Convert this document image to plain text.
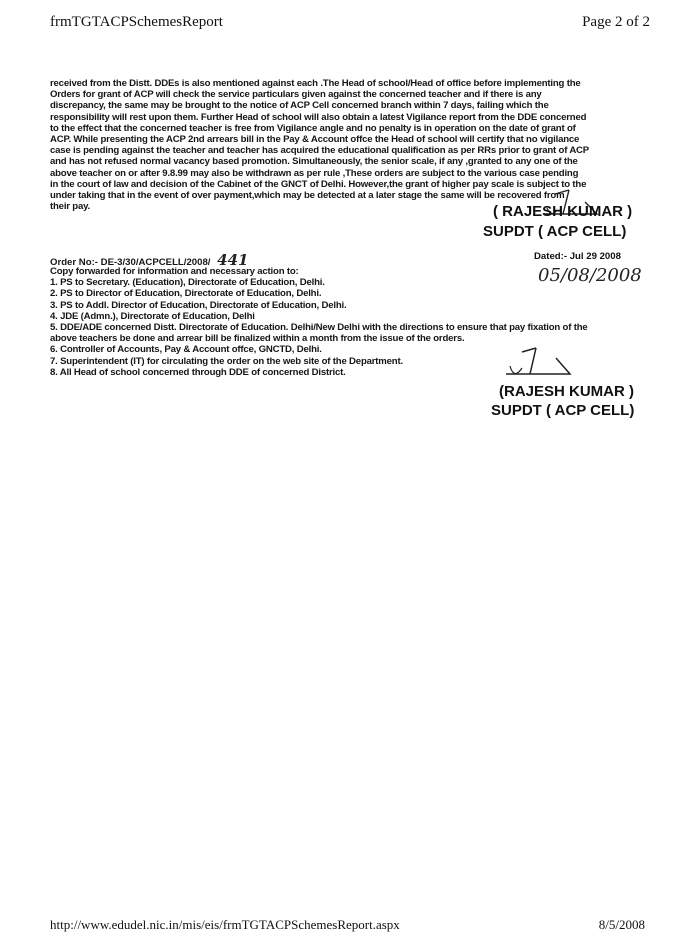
frmTGTACPSchemesReport	Page 2 of 2
received from the Distt. DDEs is also mentioned against each .The Head of school/Head of office before implementing the
Orders for grant of ACP will check the service particulars given against the concerned teacher and if there is any
discrepancy, the same may be brought to the notice of ACP Cell concerned branch within 7 days, failing which the
responsibility will rest upon them. Further Head of school will also obtain a latest Vigilance report from the DDE concerned
to the effect that the concerned teacher is free from Vigilance angle and no penalty is in operation on the date of grant of
ACP. While presenting the ACP 2nd arrears bill in the Pay & Account offce the Head of school will certify that no vigilance
case is pending against the teacher and teacher has acquired the educational qualification as per RRs prior to grant of ACP
and has not refused normal vacancy based promotion. Simultaneously, the senior scale, if any ,granted to any one of the
above teacher on or after 9.8.99 may also be withdrawn as per rule ,These orders are subject to the various case pending
in the court of law and decision of the Cabinet of the GNCT of Delhi. However,the grant of higher pay scale is subject to the
under taking that in the event of over payment,which may be detected at a later stage the same will be recovered from
their pay.	( RAJESH KUMAR )
SUPDT ( ACP CELL)
Order No:- DE-3/30/ACPCELL/2008/ 441	Dated:- Jul 29 2008
05/08/2008
Copy forwarded for information and necessary action to:
1. PS to Secretary. (Education), Directorate of Education, Delhi.
2. PS to Director of Education, Directorate of Education, Delhi.
3. PS to Addl. Director of Education, Directorate of Education, Delhi.
4. JDE (Admn.), Directorate of Education, Delhi
5. DDE/ADE concerned Distt. Directorate of Education. Delhi/New Delhi with the directions to ensure that pay fixation of the
above teachers be done and arrear bill be finalized within a month from the issue of the orders.
6. Controller of Accounts, Pay & Account offce, GNCTD, Delhi.
7. Superintendent (IT) for circulating the order on the web site of the Department.
8. All Head of school concerned through DDE of concerned District.
(RAJESH KUMAR )
SUPDT ( ACP CELL)
http://www.edudel.nic.in/mis/eis/frmTGTACPSchemesReport.aspx	8/5/2008
